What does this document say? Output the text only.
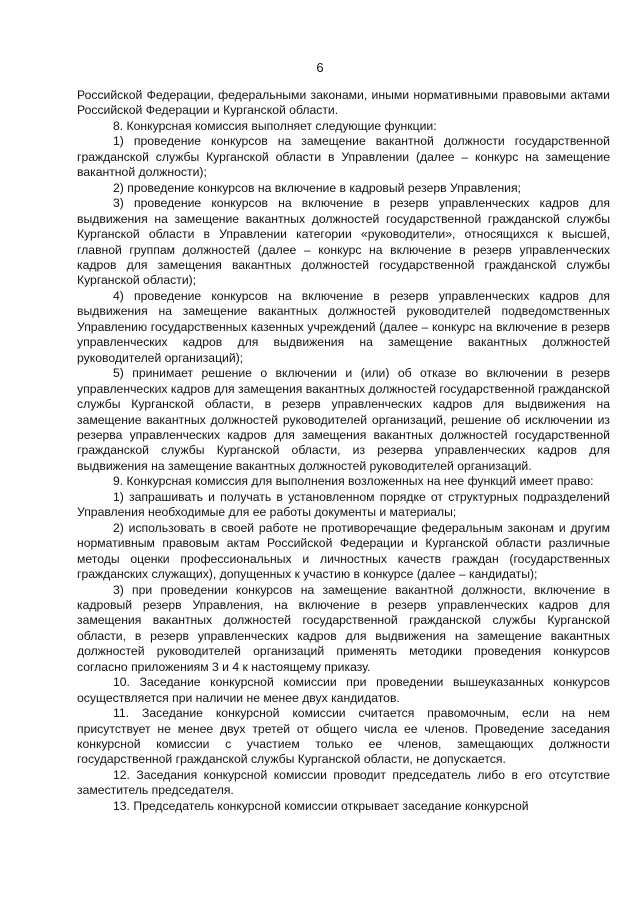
6

Российской Федерации, федеральными законами, иными нормативными правовыми актами Российской Федерации и Курганской области.

8. Конкурсная комиссия выполняет следующие функции:

1) проведение конкурсов на замещение вакантной должности государственной гражданской службы Курганской области в Управлении (далее – конкурс на замещение вакантной должности);

2) проведение конкурсов на включение в кадровый резерв Управления;

3) проведение конкурсов на включение в резерв управленческих кадров для выдвижения на замещение вакантных должностей государственной гражданской службы Курганской области в Управлении категории «руководители», относящихся к высшей, главной группам должностей (далее – конкурс на включение в резерв управленческих кадров для замещения вакантных должностей государственной гражданской службы Курганской области);

4) проведение конкурсов на включение в резерв управленческих кадров для выдвижения на замещение вакантных должностей руководителей подведомственных Управлению государственных казенных учреждений (далее – конкурс на включение в резерв управленческих кадров для выдвижения на замещение вакантных должностей руководителей организаций);

5) принимает решение о включении и (или) об отказе во включении в резерв управленческих кадров для замещения вакантных должностей государственной гражданской службы Курганской области, в резерв управленческих кадров для выдвижения на замещение вакантных должностей руководителей организаций, решение об исключении из резерва управленческих кадров для замещения вакантных должностей государственной гражданской службы Курганской области, из резерва управленческих кадров для выдвижения на замещение вакантных должностей руководителей организаций.

9. Конкурсная комиссия для выполнения возложенных на нее функций имеет право:

1) запрашивать и получать в установленном порядке от структурных подразделений Управления необходимые для ее работы документы и материалы;

2) использовать в своей работе не противоречащие федеральным законам и другим нормативным правовым актам Российской Федерации и Курганской области различные методы оценки профессиональных и личностных качеств граждан (государственных гражданских служащих), допущенных к участию в конкурсе (далее – кандидаты);

3) при проведении конкурсов на замещение вакантной должности, включение в кадровый резерв Управления, на включение в резерв управленческих кадров для замещения вакантных должностей государственной гражданской службы Курганской области, в резерв управленческих кадров для выдвижения на замещение вакантных должностей руководителей организаций применять методики проведения конкурсов согласно приложениям 3 и 4 к настоящему приказу.

10. Заседание конкурсной комиссии при проведении вышеуказанных конкурсов осуществляется при наличии не менее двух кандидатов.

11. Заседание конкурсной комиссии считается правомочным, если на нем присутствует не менее двух третей от общего числа ее членов. Проведение заседания конкурсной комиссии с участием только ее членов, замещающих должности государственной гражданской службы Курганской области, не допускается.

12. Заседания конкурсной комиссии проводит председатель либо в его отсутствие заместитель председателя.

13. Председатель конкурсной комиссии открывает заседание конкурсной
